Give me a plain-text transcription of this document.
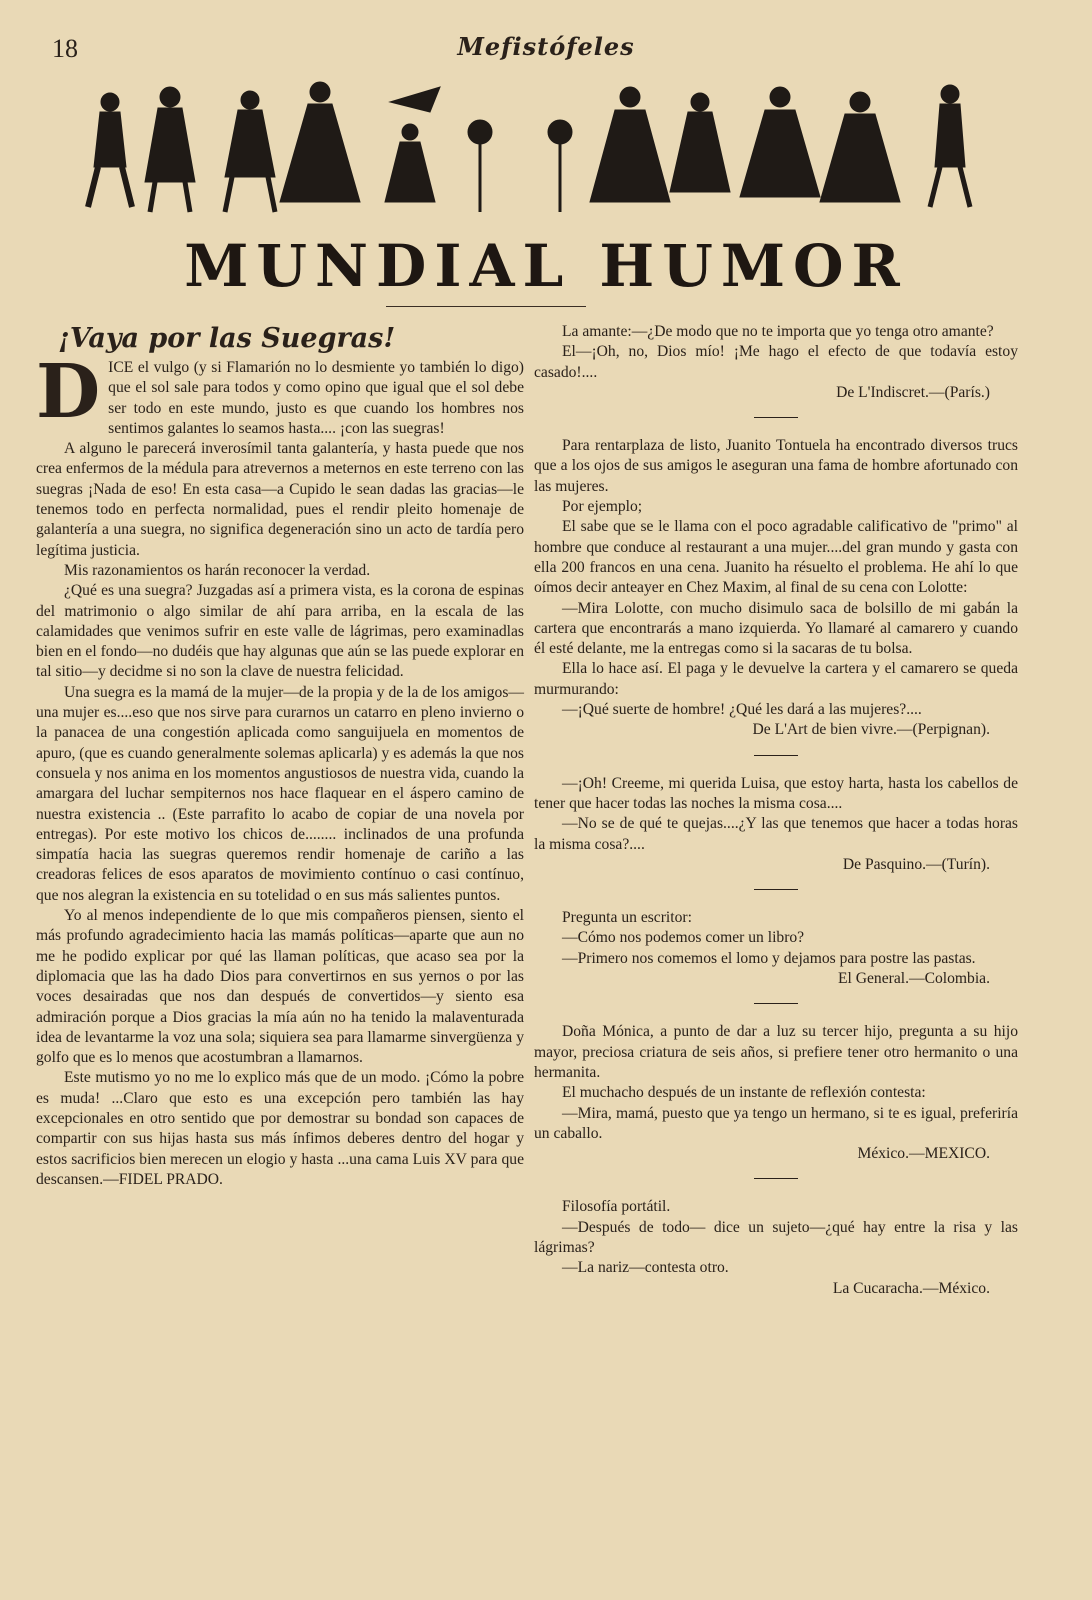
18	Mefistófeles
MUNDIAL HUMOR
¡Vaya por las Suegras!

DICE el vulgo (y si Flamarión no lo desmiente yo también lo digo) que el sol sale para todos y como opino que igual que el sol debe ser todo en este mundo, justo es que cuando los hombres nos sentimos galantes lo seamos hasta.... ¡con las suegras!

A alguno le parecerá inverosímil tanta galantería, y hasta puede que nos crea enfermos de la médula para atrevernos a meternos en este terreno con las suegras ¡Nada de eso! En esta casa—a Cupido le sean dadas las gracias—le tenemos todo en perfecta normalidad, pues el rendir pleito homenaje de galantería a una suegra, no significa degeneración sino un acto de tardía pero legítima justicia.

Mis razonamientos os harán reconocer la verdad.

¿Qué es una suegra? Juzgadas así a primera vista, es la corona de espinas del matrimonio o algo similar de ahí para arriba, en la escala de las calamidades que venimos sufrir en este valle de lágrimas, pero examinadlas bien en el fondo—no dudéis que hay algunas que aún se las puede explorar en tal sitio—y decidme si no son la clave de nuestra felicidad.

Una suegra es la mamá de la mujer—de la propia y de la de los amigos—una mujer es....eso que nos sirve para curarnos un catarro en pleno invierno o la panacea de una congestión aplicada como sanguijuela en momentos de apuro, (que es cuando generalmente solemas aplicarla) y es además la que nos consuela y nos anima en los momentos angustiosos de nuestra vida, cuando la amargara del luchar sempiternos nos hace flaquear en el áspero camino de nuestra existencia .. (Este parrafito lo acabo de copiar de una novela por entregas). Por este motivo los chicos de........ inclinados de una profunda simpatía hacia las suegras queremos rendir homenaje de cariño a las creadoras felices de esos aparatos de movimiento contínuo o casi contínuo, que nos alegran la existencia en su totelidad o en sus más salientes puntos.

Yo al menos independiente de lo que mis compañeros piensen, siento el más profundo agradecimiento hacia las mamás políticas—aparte que aun no me he podido explicar por qué las llaman políticas, que acaso sea por la diplomacia que las ha dado Dios para convertirnos en sus yernos o por las voces desairadas que nos dan después de convertidos—y siento esa admiración porque a Dios gracias la mía aún no ha tenido la malaventurada idea de levantarme la voz una sola; siquiera sea para llamarme sinvergüenza y golfo que es lo menos que acostumbran a llamarnos.

Este mutismo yo no me lo explico más que de un modo. ¡Cómo la pobre es muda! ...Claro que esto es una excepción pero también las hay excepcionales en otro sentido que por demostrar su bondad son capaces de compartir con sus hijas hasta sus más ínfimos deberes dentro del hogar y estos sacrificios bien merecen un elogio y hasta ...una cama Luis XV para que descansen.—FIDEL PRADO.

La amante:—¿De modo que no te importa que yo tenga otro amante?

El—¡Oh, no, Dios mío! ¡Me hago el efecto de que todavía estoy casado!....

De L'Indiscret.—(París.)

Para rentarplaza de listo, Juanito Tontuela ha encontrado diversos trucs que a los ojos de sus amigos le aseguran una fama de hombre afortunado con las mujeres.

Por ejemplo;

El sabe que se le llama con el poco agradable calificativo de "primo" al hombre que conduce al restaurant a una mujer....del gran mundo y gasta con ella 200 francos en una cena. Juanito ha résuelto el problema. He ahí lo que oímos decir anteayer en Chez Maxim, al final de su cena con Lolotte:

—Mira Lolotte, con mucho disimulo saca de bolsillo de mi gabán la cartera que encontrarás a mano izquierda. Yo llamaré al camarero y cuando él esté delante, me la entregas como si la sacaras de tu bolsa.

Ella lo hace así. El paga y le devuelve la cartera y el camarero se queda murmurando:

—¡Qué suerte de hombre! ¿Qué les dará a las mujeres?....

De L'Art de bien vivre.—(Perpignan).

—¡Oh! Creeme, mi querida Luisa, que estoy harta, hasta los cabellos de tener que hacer todas las noches la misma cosa....

—No se de qué te quejas....¿Y las que tenemos que hacer a todas horas la misma cosa?....

De Pasquino.—(Turín).

Pregunta un escritor:

—Cómo nos podemos comer un libro?

—Primero nos comemos el lomo y dejamos para postre las pastas.

El General.—Colombia.

Doña Mónica, a punto de dar a luz su tercer hijo, pregunta a su hijo mayor, preciosa criatura de seis años, si prefiere tener otro hermanito o una hermanita.

El muchacho después de un instante de reflexión contesta:

—Mira, mamá, puesto que ya tengo un hermano, si te es igual, preferiría un caballo.

México.—MEXICO.

Filosofía portátil.

—Después de todo— dice un sujeto—¿qué hay entre la risa y las lágrimas?

—La nariz—contesta otro.

La Cucaracha.—México.
